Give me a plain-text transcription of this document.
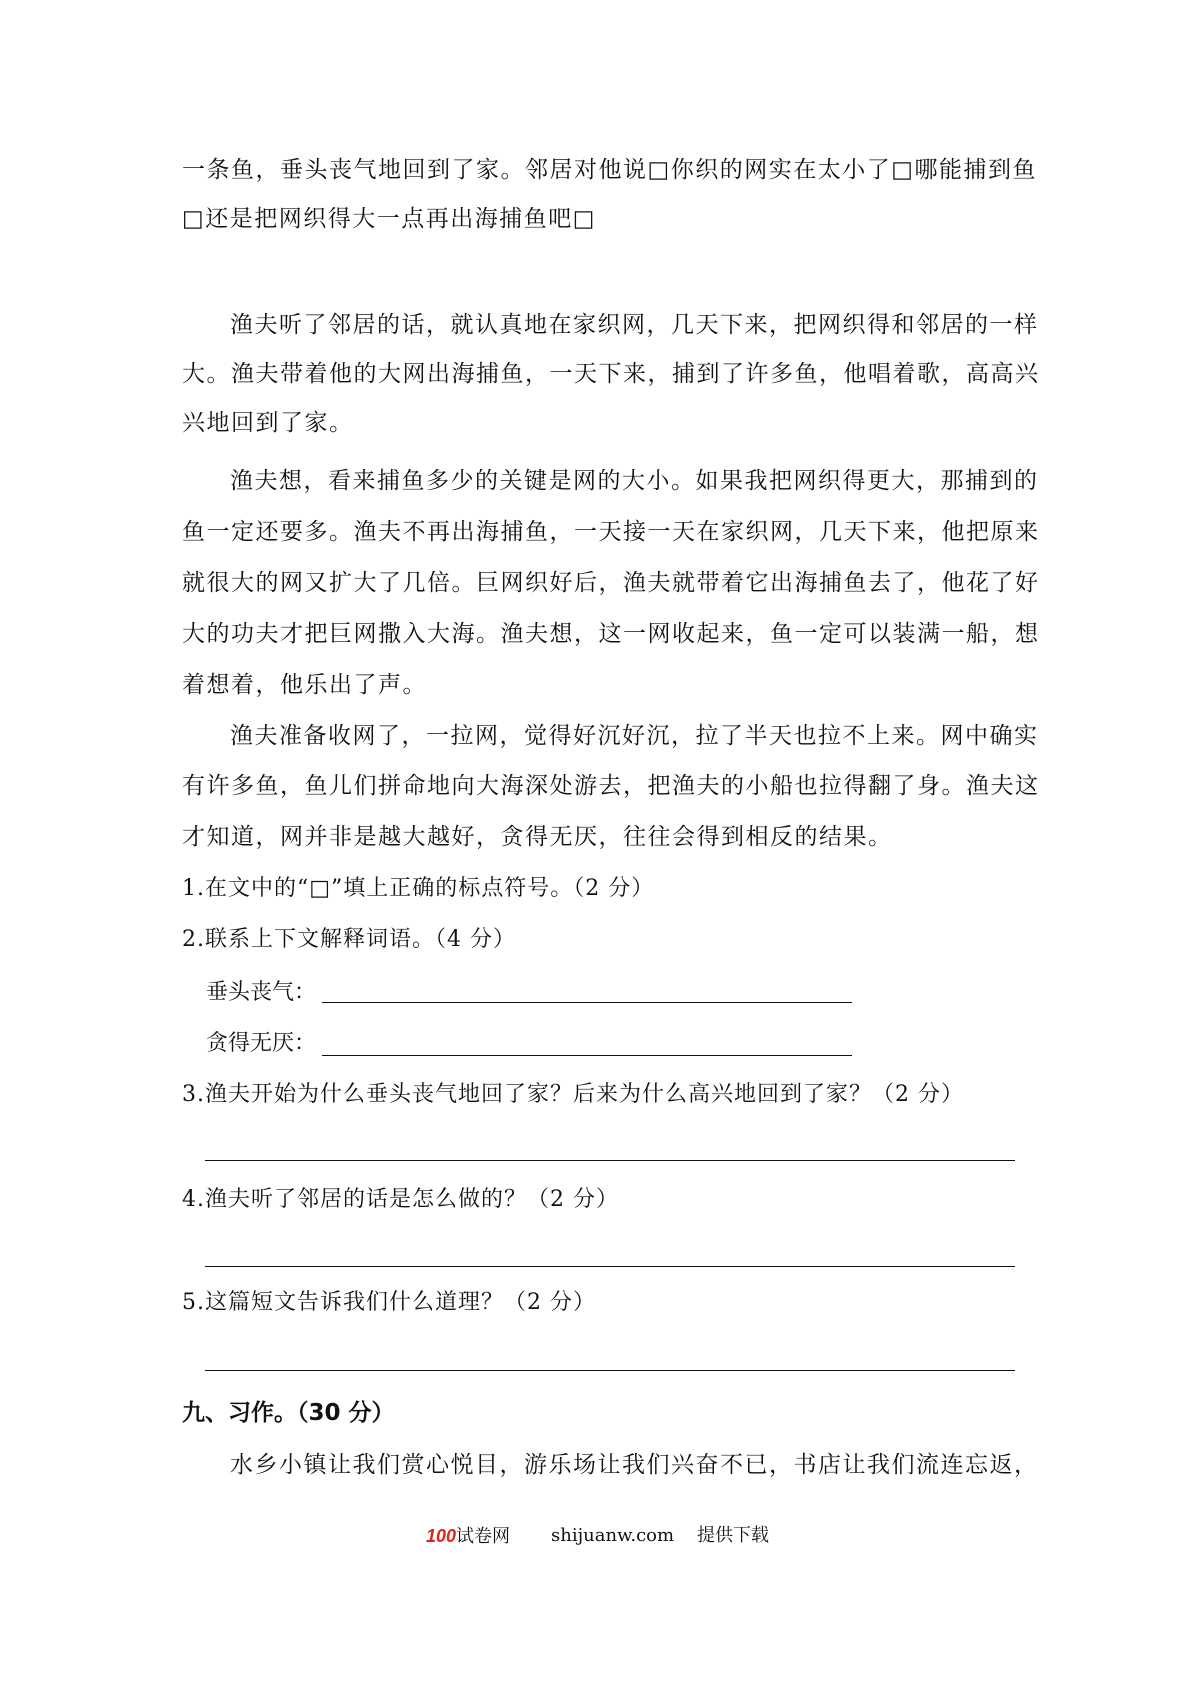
一条鱼，垂头丧气地回到了家。邻居对他说□你织的网实在太小了□哪能捕到鱼
□还是把网织得大一点再出海捕鱼吧□
渔夫听了邻居的话，就认真地在家织网，几天下来，把网织得和邻居的一样
大。渔夫带着他的大网出海捕鱼，一天下来，捕到了许多鱼，他唱着歌，高高兴
兴地回到了家。
渔夫想，看来捕鱼多少的关键是网的大小。如果我把网织得更大，那捕到的
鱼一定还要多。渔夫不再出海捕鱼，一天接一天在家织网，几天下来，他把原来
就很大的网又扩大了几倍。巨网织好后，渔夫就带着它出海捕鱼去了，他花了好
大的功夫才把巨网撒入大海。渔夫想，这一网收起来，鱼一定可以装满一船，想
着想着，他乐出了声。
渔夫准备收网了，一拉网，觉得好沉好沉，拉了半天也拉不上来。网中确实
有许多鱼，鱼儿们拼命地向大海深处游去，把渔夫的小船也拉得翻了身。渔夫这
才知道，网并非是越大越好，贪得无厌，往往会得到相反的结果。
1.在文中的“□”填上正确的标点符号。（2 分）
2.联系上下文解释词语。（4 分）
垂头丧气：
贪得无厌：
3.渔夫开始为什么垂头丧气地回了家？后来为什么高兴地回到了家？（2 分）
4.渔夫听了邻居的话是怎么做的？（2 分）
5.这篇短文告诉我们什么道理？（2 分）
九、习作。（30 分）
水乡小镇让我们赏心悦目，游乐场让我们兴奋不已，书店让我们流连忘返，
100试卷网 shijuanw.com 提供下载
